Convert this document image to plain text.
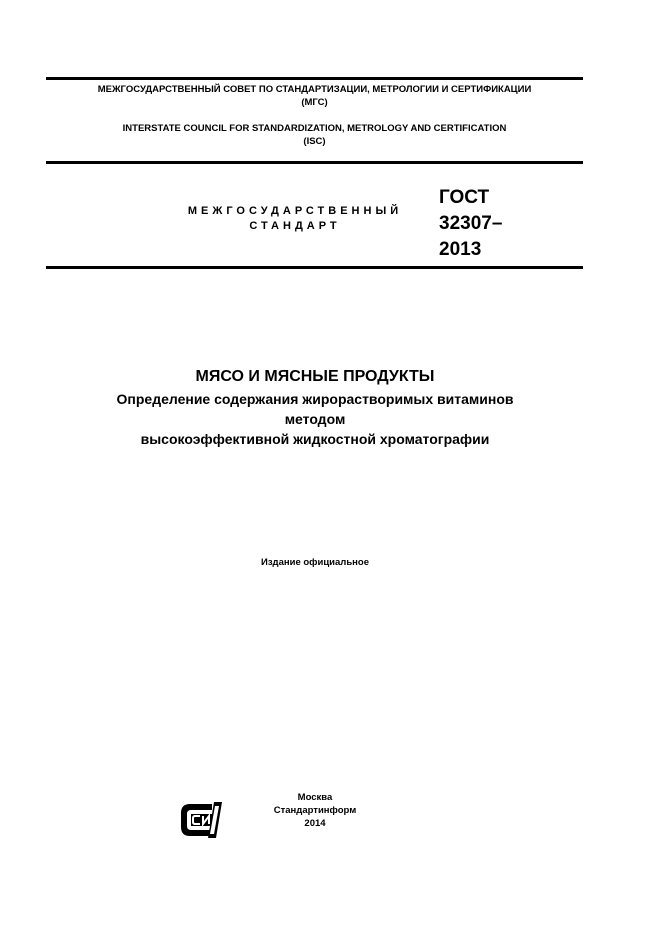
МЕЖГОСУДАРСТВЕННЫЙ СОВЕТ ПО СТАНДАРТИЗАЦИИ, МЕТРОЛОГИИ И СЕРТИФИКАЦИИ
(МГС)
INTERSTATE COUNCIL FOR STANDARDIZATION, METROLOGY AND CERTIFICATION
(ISC)
МЕЖГОСУДАРСТВЕННЫЙ
СТАНДАРТ
ГОСТ
32307–
2013
МЯСО И МЯСНЫЕ ПРОДУКТЫ
Определение содержания жирорастворимых витаминов
методом
высокоэффективной жидкостной хроматографии
Издание официальное
Москва
Стандартинформ
2014
